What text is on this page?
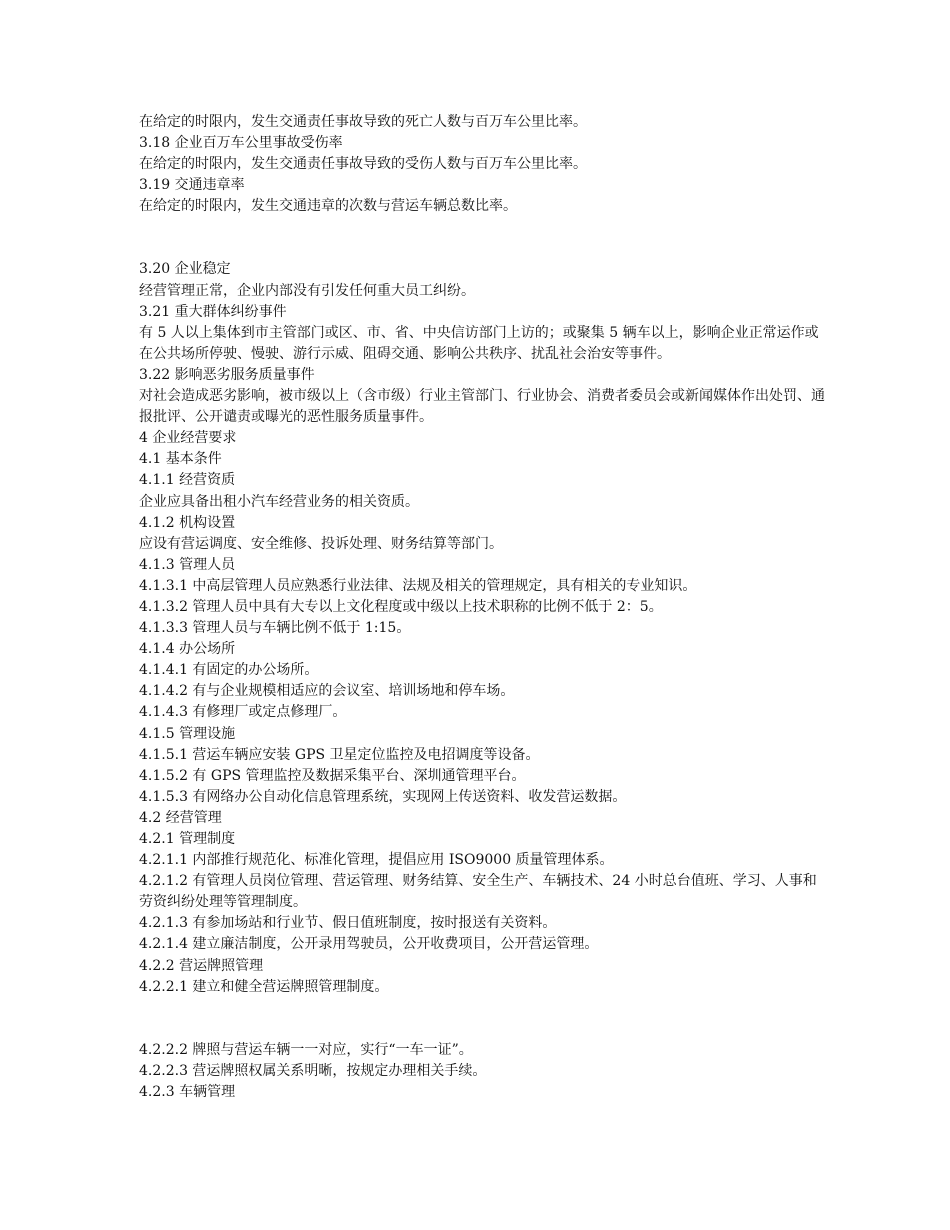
在给定的时限内，发生交通责任事故导致的死亡人数与百万车公里比率。
3.18 企业百万车公里事故受伤率
在给定的时限内，发生交通责任事故导致的受伤人数与百万车公里比率。
3.19 交通违章率
在给定的时限内，发生交通违章的次数与营运车辆总数比率。
3.20 企业稳定
经营管理正常，企业内部没有引发任何重大员工纠纷。
3.21 重大群体纠纷事件
有 5 人以上集体到市主管部门或区、市、省、中央信访部门上访的；或聚集 5 辆车以上，影响企业正常运作或在公共场所停驶、慢驶、游行示威、阻碍交通、影响公共秩序、扰乱社会治安等事件。
3.22 影响恶劣服务质量事件
对社会造成恶劣影响，被市级以上（含市级）行业主管部门、行业协会、消费者委员会或新闻媒体作出处罚、通报批评、公开谴责或曝光的恶性服务质量事件。
4 企业经营要求
4.1 基本条件
4.1.1 经营资质
企业应具备出租小汽车经营业务的相关资质。
4.1.2 机构设置
应设有营运调度、安全维修、投诉处理、财务结算等部门。
4.1.3 管理人员
4.1.3.1 中高层管理人员应熟悉行业法律、法规及相关的管理规定，具有相关的专业知识。
4.1.3.2 管理人员中具有大专以上文化程度或中级以上技术职称的比例不低于 2：5。
4.1.3.3 管理人员与车辆比例不低于 1:15。
4.1.4 办公场所
4.1.4.1 有固定的办公场所。
4.1.4.2 有与企业规模相适应的会议室、培训场地和停车场。
4.1.4.3 有修理厂或定点修理厂。
4.1.5 管理设施
4.1.5.1 营运车辆应安装 GPS 卫星定位监控及电招调度等设备。
4.1.5.2 有 GPS 管理监控及数据采集平台、深圳通管理平台。
4.1.5.3 有网络办公自动化信息管理系统，实现网上传送资料、收发营运数据。
4.2 经营管理
4.2.1 管理制度
4.2.1.1 内部推行规范化、标准化管理，提倡应用 ISO9000 质量管理体系。
4.2.1.2 有管理人员岗位管理、营运管理、财务结算、安全生产、车辆技术、24 小时总台值班、学习、人事和劳资纠纷处理等管理制度。
4.2.1.3 有参加场站和行业节、假日值班制度，按时报送有关资料。
4.2.1.4 建立廉洁制度，公开录用驾驶员，公开收费项目，公开营运管理。
4.2.2 营运牌照管理
4.2.2.1 建立和健全营运牌照管理制度。
4.2.2.2 牌照与营运车辆一一对应，实行“一车一证”。
4.2.2.3 营运牌照权属关系明晰，按规定办理相关手续。
4.2.3 车辆管理
